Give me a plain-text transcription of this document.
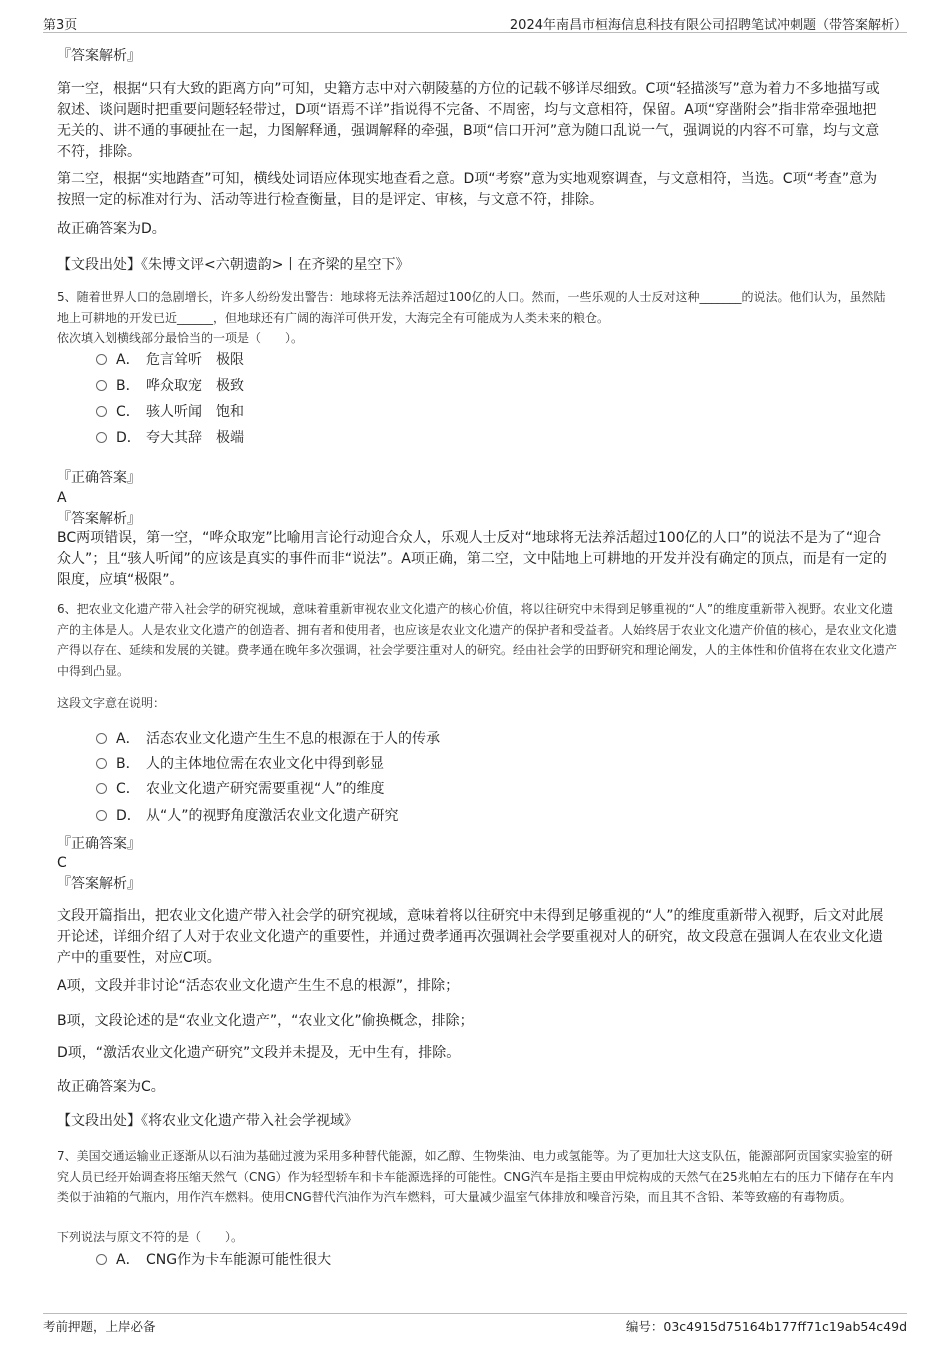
第3页	2024年南昌市桓海信息科技有限公司招聘笔试冲刺题（带答案解析）
『答案解析』
第一空，根据“只有大致的距离方向”可知，史籍方志中对六朝陵墓的方位的记载不够详尽细致。C项“轻描淡写”意为着力不多地描写或叙述、谈问题时把重要问题轻轻带过，D项“语焉不详”指说得不完备、不周密，均与文意相符，保留。A项“穿凿附会”指非常牵强地把无关的、讲不通的事硬扯在一起，力图解释通，强调解释的牵强，B项“信口开河”意为随口乱说一气，强调说的内容不可靠，均与文意不符，排除。
第二空，根据“实地踏查”可知，横线处词语应体现实地查看之意。D项“考察”意为实地观察调查，与文意相符，当选。C项“考查”意为按照一定的标准对行为、活动等进行检查衡量，目的是评定、审核，与文意不符，排除。
故正确答案为D。
【文段出处】《朱博文评<六朝遗韵>丨在齐梁的星空下》
5、随着世界人口的急剧增长，许多人纷纷发出警告：地球将无法养活超过100亿的人口。然而，一些乐观的人士反对这种_______的说法。他们认为，虽然陆地上可耕地的开发已近______，但地球还有广阔的海洋可供开发，大海完全有可能成为人类未来的粮仓。
依次填入划横线部分最恰当的一项是（　　）。
A． 危言耸听　极限
B． 哗众取宠　极致
C． 骇人听闻　饱和
D． 夸大其辞　极端
『正确答案』
A
『答案解析』
BC两项错误，第一空，“哗众取宠”比喻用言论行动迎合众人，乐观人士反对“地球将无法养活超过100亿的人口”的说法不是为了“迎合众人”；且“骇人听闻”的应该是真实的事件而非“说法”。A项正确，第二空，文中陆地上可耕地的开发并没有确定的顶点，而是有一定的限度，应填“极限”。
6、把农业文化遗产带入社会学的研究视域，意味着重新审视农业文化遗产的核心价值，将以往研究中未得到足够重视的“人”的维度重新带入视野。农业文化遗产的主体是人。人是农业文化遗产的创造者、拥有者和使用者，也应该是农业文化遗产的保护者和受益者。人始终居于农业文化遗产价值的核心，是农业文化遗产得以存在、延续和发展的关键。费孝通在晚年多次强调，社会学要注重对人的研究。经由社会学的田野研究和理论阐发，人的主体性和价值将在农业文化遗产中得到凸显。
这段文字意在说明：
A． 活态农业文化遗产生生不息的根源在于人的传承
B． 人的主体地位需在农业文化中得到彰显
C． 农业文化遗产研究需要重视“人”的维度
D． 从“人”的视野角度激活农业文化遗产研究
『正确答案』
C
『答案解析』
文段开篇指出，把农业文化遗产带入社会学的研究视域，意味着将以往研究中未得到足够重视的“人”的维度重新带入视野，后文对此展开论述，详细介绍了人对于农业文化遗产的重要性，并通过费孝通再次强调社会学要重视对人的研究，故文段意在强调人在农业文化遗产中的重要性，对应C项。
A项，文段并非讨论“活态农业文化遗产生生不息的根源”，排除；
B项，文段论述的是“农业文化遗产”，“农业文化”偷换概念，排除；
D项，“激活农业文化遗产研究”文段并未提及，无中生有，排除。
故正确答案为C。
【文段出处】《将农业文化遗产带入社会学视域》
7、美国交通运输业正逐渐从以石油为基础过渡为采用多种替代能源，如乙醇、生物柴油、电力或氢能等。为了更加壮大这支队伍，能源部阿贡国家实验室的研究人员已经开始调查将压缩天然气（CNG）作为轻型轿车和卡车能源选择的可能性。CNG汽车是指主要由甲烷构成的天然气在25兆帕左右的压力下储存在车内类似于油箱的气瓶内，用作汽车燃料。使用CNG替代汽油作为汽车燃料，可大量减少温室气体排放和噪音污染，而且其不含铅、苯等致癌的有毒物质。
下列说法与原文不符的是（　　）。
A． CNG作为卡车能源可能性很大
考前押题，上岸必备	编号：03c4915d75164b177ff71c19ab54c49d
